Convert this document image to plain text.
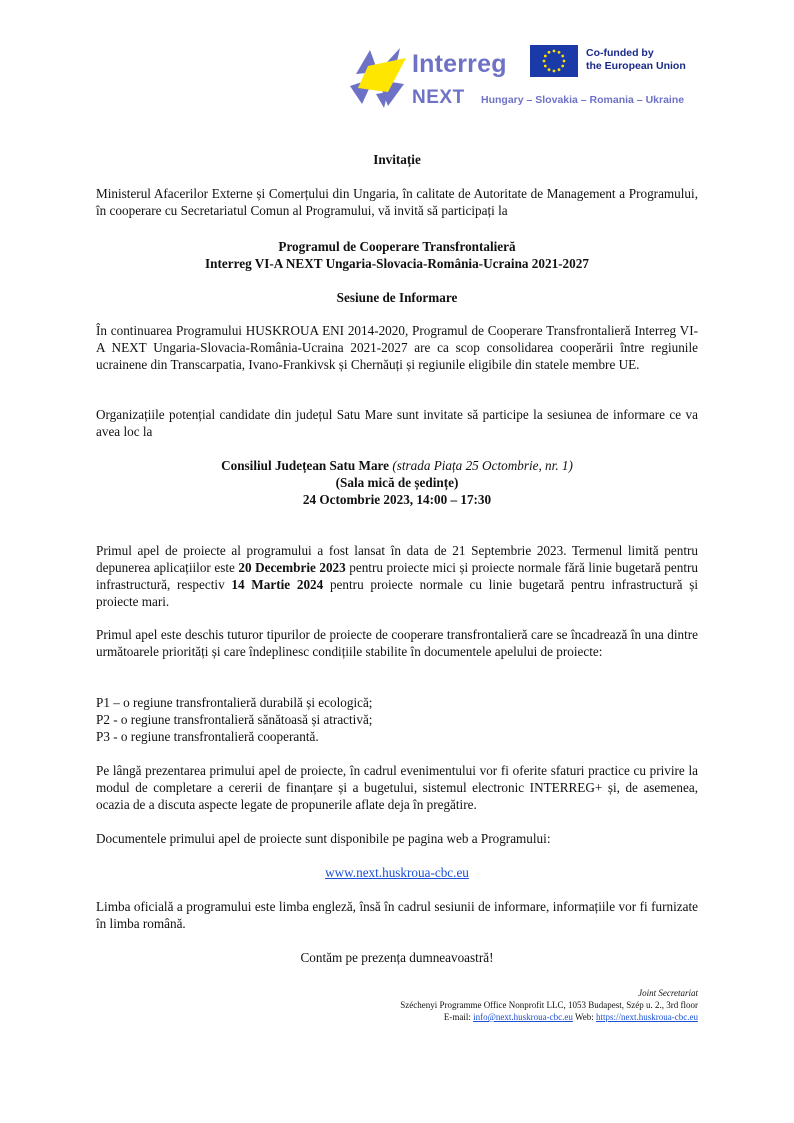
Interreg
NEXT Hungary – Slovakia – Romania – Ukraine
Co-funded by
the European Union

Invitație

Ministerul Afacerilor Externe și Comerțului din Ungaria, în calitate de Autoritate de Management a Programului, în cooperare cu Secretariatul Comun al Programului, vă invită să participați la

Programul de Cooperare Transfrontalieră

Interreg VI-A NEXT Ungaria-Slovacia-România-Ucraina 2021-2027

Sesiune de Informare

În continuarea Programului HUSKROUA ENI 2014-2020, Programul de Cooperare Transfrontalieră Interreg VI-A NEXT Ungaria-Slovacia-România-Ucraina 2021-2027 are ca scop consolidarea cooperării între regiunile ucrainene din Transcarpatia, Ivano-Frankivsk și Chernăuți și regiunile eligibile din statele membre UE.

Organizațiile potențial candidate din județul Satu Mare sunt invitate să participe la sesiunea de informare ce va avea loc la

Consiliul Județean Satu Mare (strada Piața 25 Octombrie, nr. 1)

(Sala mică de ședințe)

24 Octombrie 2023, 14:00 – 17:30

Primul apel de proiecte al programului a fost lansat în data de 21 Septembrie 2023. Termenul limită pentru depunerea aplicațiilor este 20 Decembrie 2023 pentru proiecte mici și proiecte normale fără linie bugetară pentru infrastructură, respectiv 14 Martie 2024 pentru proiecte normale cu linie bugetară pentru infrastructură și proiecte mari.

Primul apel este deschis tuturor tipurilor de proiecte de cooperare transfrontalieră care se încadrează în una dintre următoarele priorități și care îndeplinesc condițiile stabilite în documentele apelului de proiecte:

P1 – o regiune transfrontalieră durabilă și ecologică;

P2 - o regiune transfrontalieră sănătoasă și atractivă;

P3 - o regiune transfrontalieră cooperantă.

Pe lângă prezentarea primului apel de proiecte, în cadrul evenimentului vor fi oferite sfaturi practice cu privire la modul de completare a cererii de finanțare și a bugetului, sistemul electronic INTERREG+ și, de asemenea, ocazia de a discuta aspecte legate de propunerile aflate deja în pregătire.

Documentele primului apel de proiecte sunt disponibile pe pagina web a Programului:

www.next.huskroua-cbc.eu

Limba oficială a programului este limba engleză, însă în cadrul sesiunii de informare, informațiile vor fi furnizate în limba română.

Contăm pe prezența dumneavoastră!

Joint Secretariat
Széchenyi Programme Office Nonprofit LLC, 1053 Budapest, Szép u. 2., 3rd floor
E-mail: info@next.huskroua-cbc.eu Web: https://next.huskroua-cbc.eu
